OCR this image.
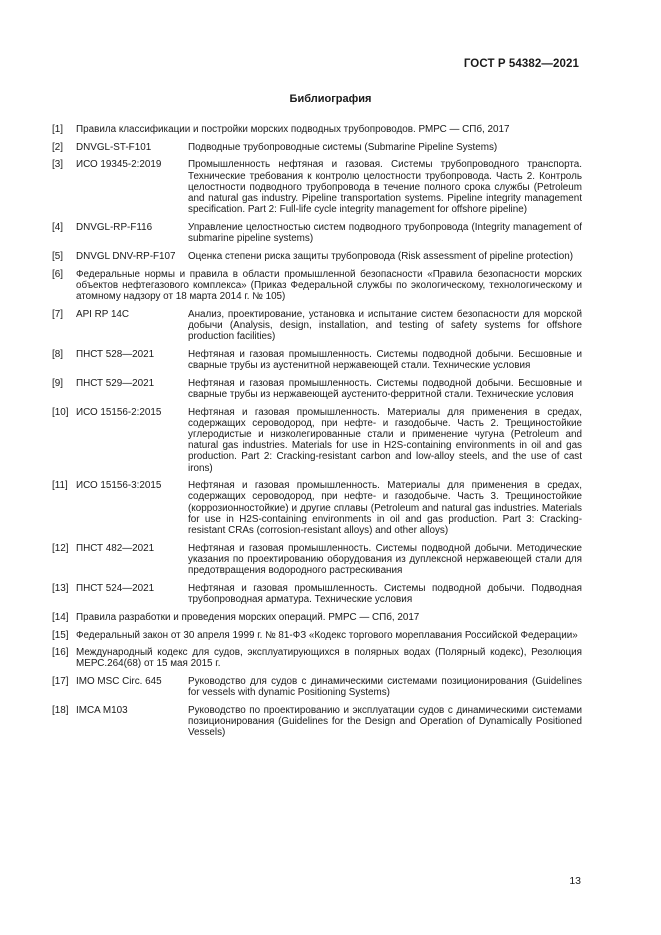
ГОСТ Р 54382—2021
Библиография
[1]	Правила классификации и постройки морских подводных трубопроводов. РМРС — СПб, 2017
[2]	DNVGL-ST-F101	Подводные трубопроводные системы (Submarine Pipeline Systems)
[3]	ИСО 19345-2:2019	Промышленность нефтяная и газовая. Системы трубопроводного транспорта. Технические требования к контролю целостности трубопровода. Часть 2. Контроль целостности подводного трубопровода в течение полного срока службы (Petroleum and natural gas industry. Pipeline transportation systems. Pipeline integrity management specification. Part 2: Full-life cycle integrity management for offshore pipeline)
[4]	DNVGL-RP-F116	Управление целостностью систем подводного трубопровода (Integrity management of submarine pipeline systems)
[5]	DNVGL DNV-RP-F107	Оценка степени риска защиты трубопровода (Risk assessment of pipeline protection)
[6]	Федеральные нормы и правила в области промышленной безопасности «Правила безопасности морских объектов нефтегазового комплекса» (Приказ Федеральной службы по экологическому, технологическому и атомному надзору от 18 марта 2014 г. № 105)
[7]	API RP 14C	Анализ, проектирование, установка и испытание систем безопасности для морской добычи (Analysis, design, installation, and testing of safety systems for offshore production facilities)
[8]	ПНСТ 528—2021	Нефтяная и газовая промышленность. Системы подводной добычи. Бесшовные и сварные трубы из аустенитной нержавеющей стали. Технические условия
[9]	ПНСТ 529—2021	Нефтяная и газовая промышленность. Системы подводной добычи. Бесшовные и сварные трубы из нержавеющей аустенито-ферритной стали. Технические условия
[10] ИСО 15156-2:2015	Нефтяная и газовая промышленность. Материалы для применения в средах, содержащих сероводород, при нефте- и газодобыче. Часть 2. Трещиностойкие углеродистые и низколегированные стали и применение чугуна (Petroleum and natural gas industries. Materials for use in H2S-containing environments in oil and gas production. Part 2: Cracking-resistant carbon and low-alloy steels, and the use of cast irons)
[11] ИСО 15156-3:2015	Нефтяная и газовая промышленность. Материалы для применения в средах, содержащих сероводород, при нефте- и газодобыче. Часть 3. Трещиностойкие (коррозионностойкие) и другие сплавы (Petroleum and natural gas industries. Materials for use in H2S-containing environments in oil and gas production. Part 3: Cracking-resistant CRAs (corrosion-resistant alloys) and other alloys)
[12] ПНСТ 482—2021	Нефтяная и газовая промышленность. Системы подводной добычи. Методические указания по проектированию оборудования из дуплексной нержавеющей стали для предотвращения водородного растрескивания
[13] ПНСТ 524—2021	Нефтяная и газовая промышленность. Системы подводной добычи. Подводная трубопроводная арматура. Технические условия
[14] Правила разработки и проведения морских операций. РМРС — СПб, 2017
[15] Федеральный закон от 30 апреля 1999 г. № 81-ФЗ «Кодекс торгового мореплавания Российской Федерации»
[16] Международный кодекс для судов, эксплуатирующихся в полярных водах (Полярный кодекс), Резолюция МЕРС.264(68) от 15 мая 2015 г.
[17] IMO MSC Circ. 645	Руководство для судов с динамическими системами позиционирования (Guidelines for vessels with dynamic Positioning Systems)
[18] IMCA M103	Руководство по проектированию и эксплуатации судов с динамическими системами позиционирования (Guidelines for the Design and Operation of Dynamically Positioned Vessels)
13
